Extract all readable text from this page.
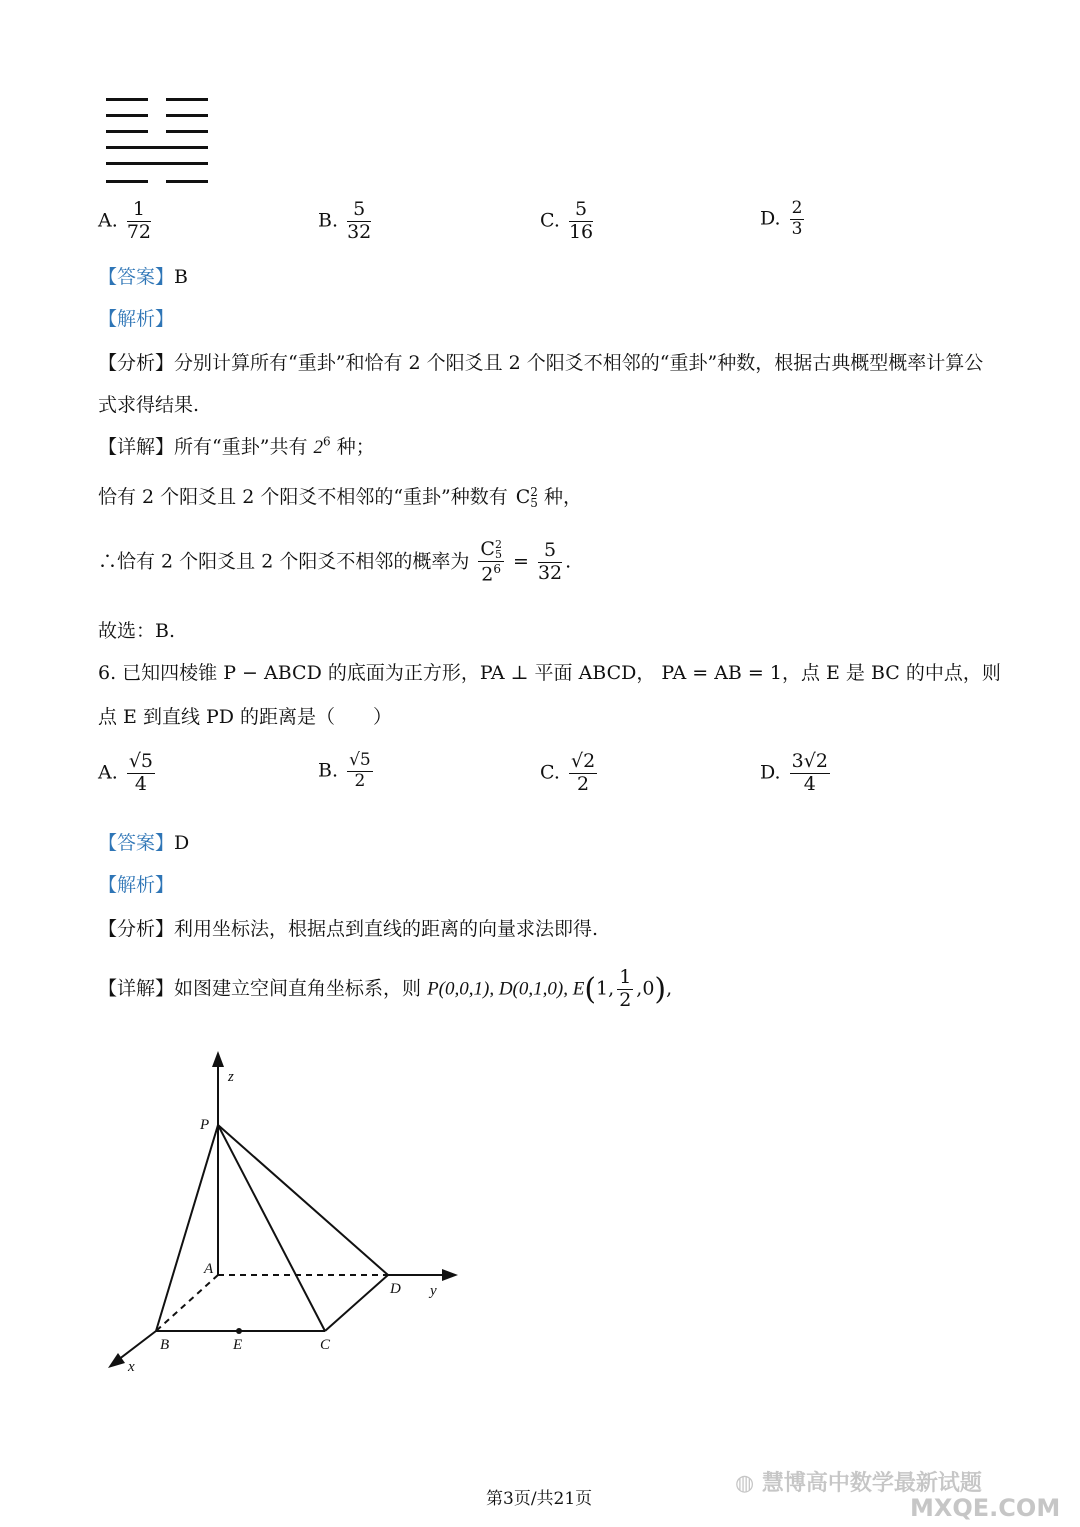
A. $\frac{1}{72}$	B. $\frac{5}{32}$	C. $\frac{5}{16}$	D. $\frac{2}{3}$
【答案】B
【解析】
【分析】分别计算所有“重卦”和恰有 2 个阳爻且 2 个阳爻不相邻的“重卦”种数，根据古典概型概率计算公
式求得结果.
【详解】所有“重卦”共有 $2^6$ 种；
恰有 2 个阳爻且 2 个阳爻不相邻的“重卦”种数有   C 2
5 种，
∴恰有 2 个阳爻且 2 个阳爻不相邻的概率为 C 2
5
$2^6 = \frac{5}{32}$ .
故选：B.
6. 已知四棱锥 P − ABCD 的底面为正方形，PA ⊥ 平面 ABCD， PA = AB = 1，点 E 是 BC 的中点，则
点 E 到直线 PD 的距离是（　　）
A. $\frac{√5}{4}$	B. $\frac{√5}{2}$	C. $\frac{√2}{2}$	D. $\frac{3√2}{4}$
【答案】D
【解析】
【分析】利用坐标法，根据点到直线的距离的向量求法即得.
【详解】如图建立空间直角坐标系，则 P(0,0,1), D(0,1,0), E(1, $\frac{1}{2} ,0$),
z
P
A
D y
B	E	C
x
第3页/共21页
◍ 慧博高中数学最新试题
MXQE.COM
